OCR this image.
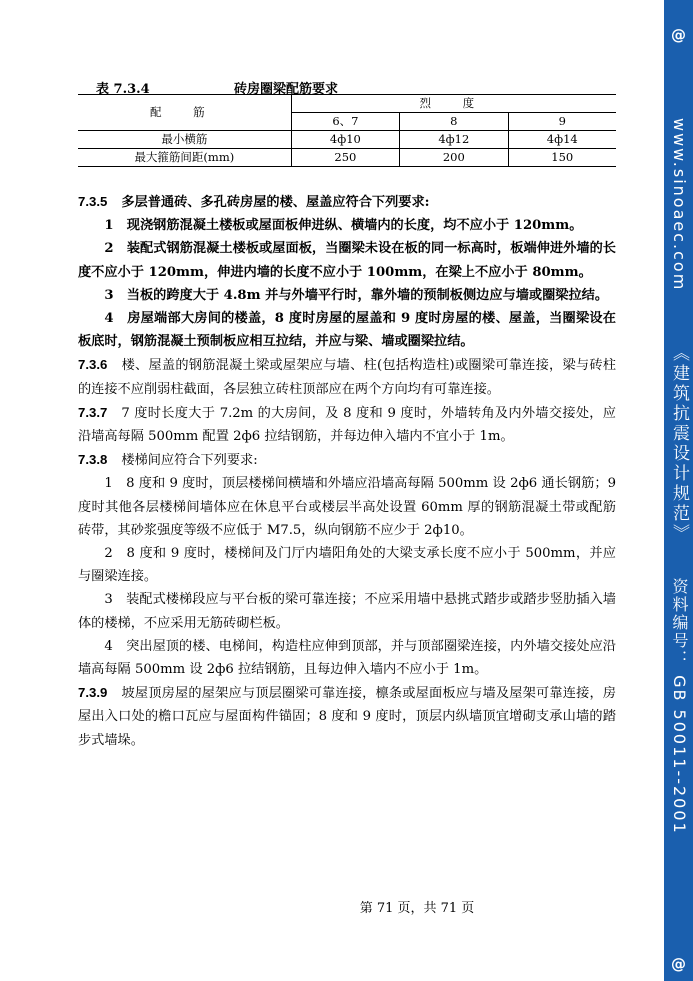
表 7.3.4	砖房圈梁配筋要求
配 筋	烈 度		
	6、7	8	9
最小横筋	4ф10	4ф12	4ф14
最大箍筋间距(mm)	250	200	150

7.3.5 多层普通砖、多孔砖房屋的楼、屋盖应符合下列要求:

1　现浇钢筋混凝土楼板或屋面板伸进纵、横墙内的长度，均不应小于 120mm。

2　装配式钢筋混凝土楼板或屋面板，当圈梁未设在板的同一标高时，板端伸进外墙的长度不应小于 120mm，伸进内墙的长度不应小于 100mm，在梁上不应小于 80mm。

3　当板的跨度大于 4.8m 并与外墙平行时，靠外墙的预制板侧边应与墙或圈梁拉结。

4　房屋端部大房间的楼盖，8 度时房屋的屋盖和 9 度时房屋的楼、屋盖，当圈梁设在板底时，钢筋混凝土预制板应相互拉结，并应与梁、墙或圈梁拉结。

7.3.6 楼、屋盖的钢筋混凝土梁或屋架应与墙、柱(包括构造柱)或圈梁可靠连接，梁与砖柱的连接不应削弱柱截面，各层独立砖柱顶部应在两个方向均有可靠连接。

7.3.7 7 度时长度大于 7.2m 的大房间，及 8 度和 9 度时，外墙转角及内外墙交接处，应沿墙高每隔 500mm 配置 2ф6 拉结钢筋，并每边伸入墙内不宜小于 1m。

7.3.8 楼梯间应符合下列要求:

1　8 度和 9 度时，顶层楼梯间横墙和外墙应沿墙高每隔 500mm 设 2ф6 通长钢筋；9 度时其他各层楼梯间墙体应在休息平台或楼层半高处设置 60mm 厚的钢筋混凝土带或配筋砖带，其砂浆强度等级不应低于 M7.5，纵向钢筋不应少于 2ф10。

2　8 度和 9 度时，楼梯间及门厅内墙阳角处的大梁支承长度不应小于 500mm，并应与圈梁连接。

3　装配式楼梯段应与平台板的梁可靠连接；不应采用墙中悬挑式踏步或踏步竖肋插入墙体的楼梯，不应采用无筋砖砌栏板。

4　突出屋顶的楼、电梯间，构造柱应伸到顶部，并与顶部圈梁连接，内外墙交接处应沿墙高每隔 500mm 设 2ф6 拉结钢筋，且每边伸入墙内不应小于 1m。

7.3.9 坡屋顶房屋的屋架应与顶层圈梁可靠连接，檩条或屋面板应与墙及屋架可靠连接，房屋出入口处的檐口瓦应与屋面构件锚固；8 度和 9 度时，顶层内纵墙顶宜增砌支承山墙的踏步式墙垛。

第 71 页，共 71 页
@
www.sinoaec.com
《建筑抗震设计规范》
资料编号： GB 50011--2001
@
